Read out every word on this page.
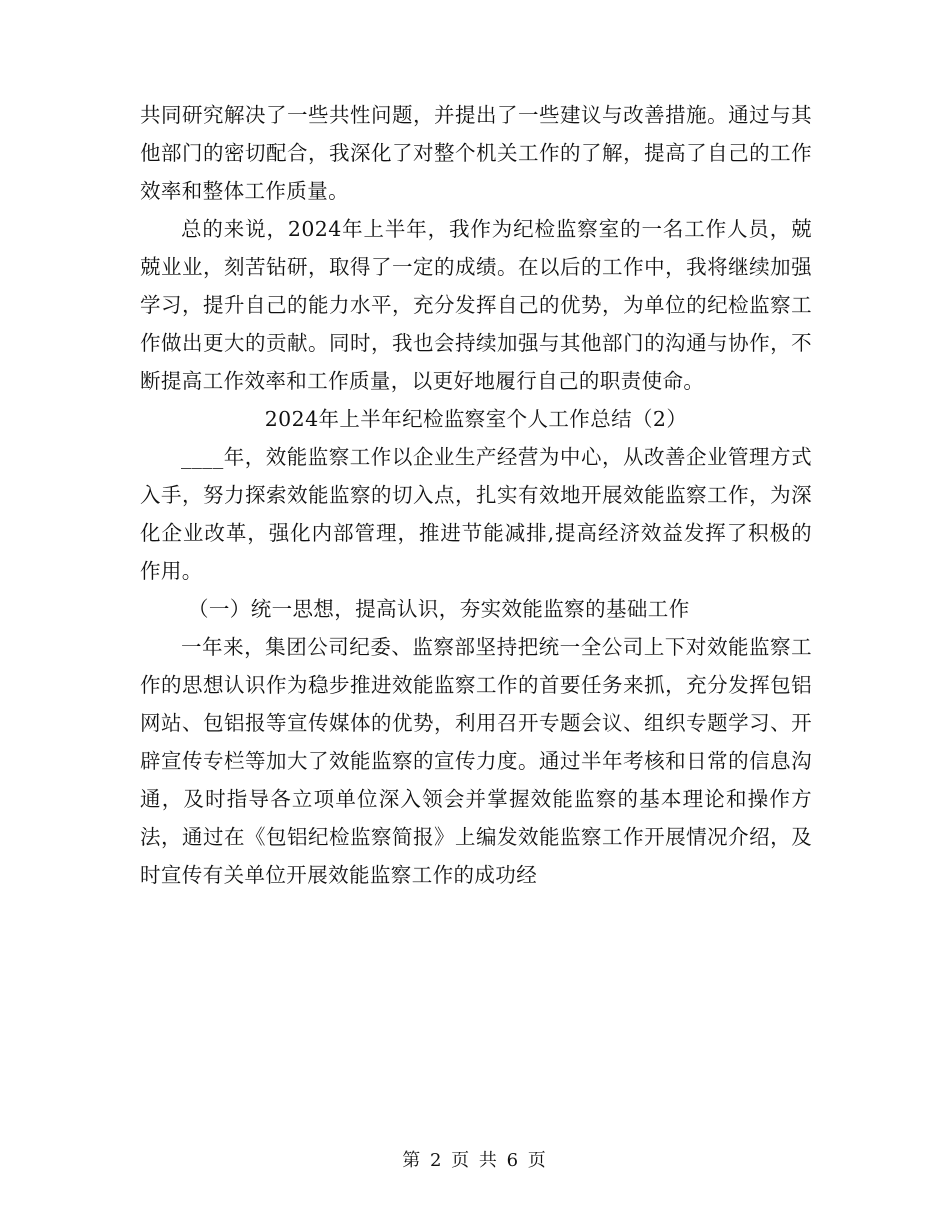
共同研究解决了一些共性问题，并提出了一些建议与改善措施。通过与其他部门的密切配合，我深化了对整个机关工作的了解，提高了自己的工作效率和整体工作质量。

总的来说，2024年上半年，我作为纪检监察室的一名工作人员，兢兢业业，刻苦钻研，取得了一定的成绩。在以后的工作中，我将继续加强学习，提升自己的能力水平，充分发挥自己的优势，为单位的纪检监察工作做出更大的贡献。同时，我也会持续加强与其他部门的沟通与协作，不断提高工作效率和工作质量，以更好地履行自己的职责使命。

2024年上半年纪检监察室个人工作总结（2）

____年，效能监察工作以企业生产经营为中心，从改善企业管理方式入手，努力探索效能监察的切入点，扎实有效地开展效能监察工作，为深化企业改革，强化内部管理，推进节能减排,提高经济效益发挥了积极的作用。

（一）统一思想，提高认识，夯实效能监察的基础工作

一年来，集团公司纪委、监察部坚持把统一全公司上下对效能监察工作的思想认识作为稳步推进效能监察工作的首要任务来抓，充分发挥包铝网站、包铝报等宣传媒体的优势，利用召开专题会议、组织专题学习、开辟宣传专栏等加大了效能监察的宣传力度。通过半年考核和日常的信息沟通，及时指导各立项单位深入领会并掌握效能监察的基本理论和操作方法，通过在《包铝纪检监察简报》上编发效能监察工作开展情况介绍，及时宣传有关单位开展效能监察工作的成功经

第 2 页 共 6 页
